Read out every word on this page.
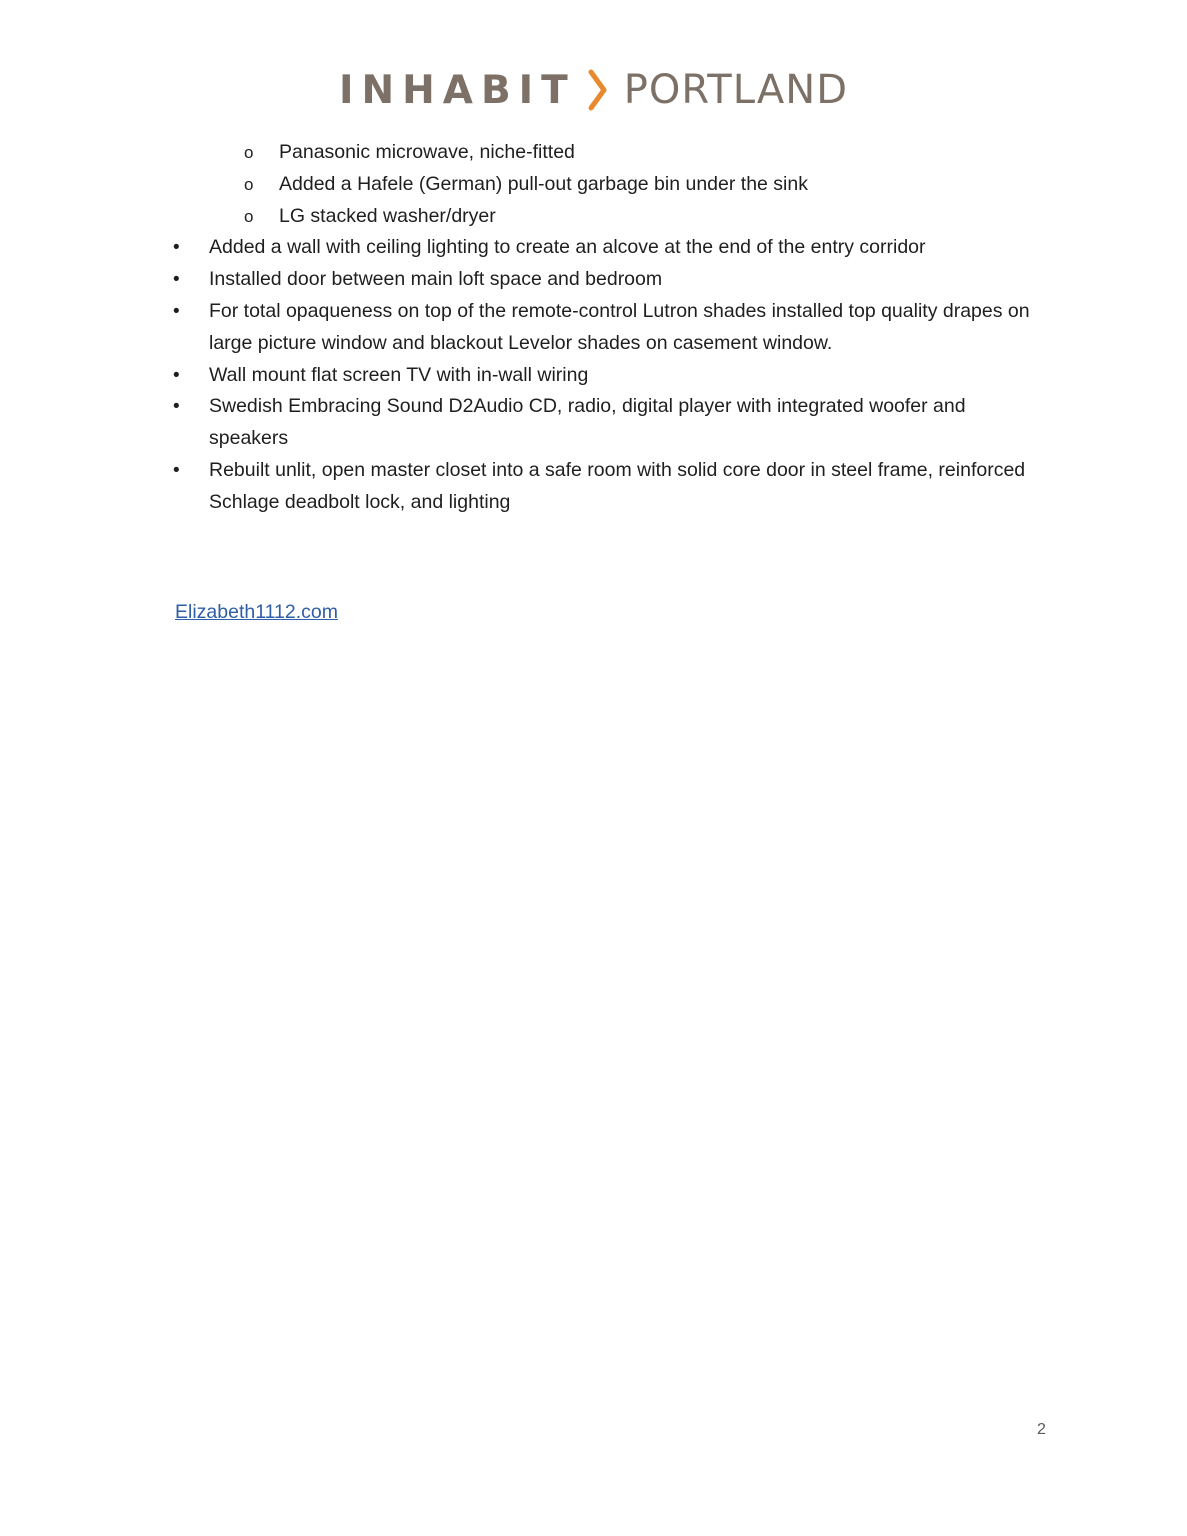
INHABIT PORTLAND
o Panasonic microwave, niche-fitted
o Added a Hafele (German) pull-out garbage bin under the sink
o LG stacked washer/dryer
• Added a wall with ceiling lighting to create an alcove at the end of the entry corridor
• Installed door between main loft space and bedroom
• For total opaqueness on top of the remote-control Lutron shades installed top quality drapes on large picture window and blackout Levelor shades on casement window.
• Wall mount flat screen TV with in-wall wiring
• Swedish Embracing Sound D2Audio CD, radio, digital player with integrated woofer and speakers
• Rebuilt unlit, open master closet into a safe room with solid core door in steel frame, reinforced Schlage deadbolt lock, and lighting
Elizabeth1112.com
2
